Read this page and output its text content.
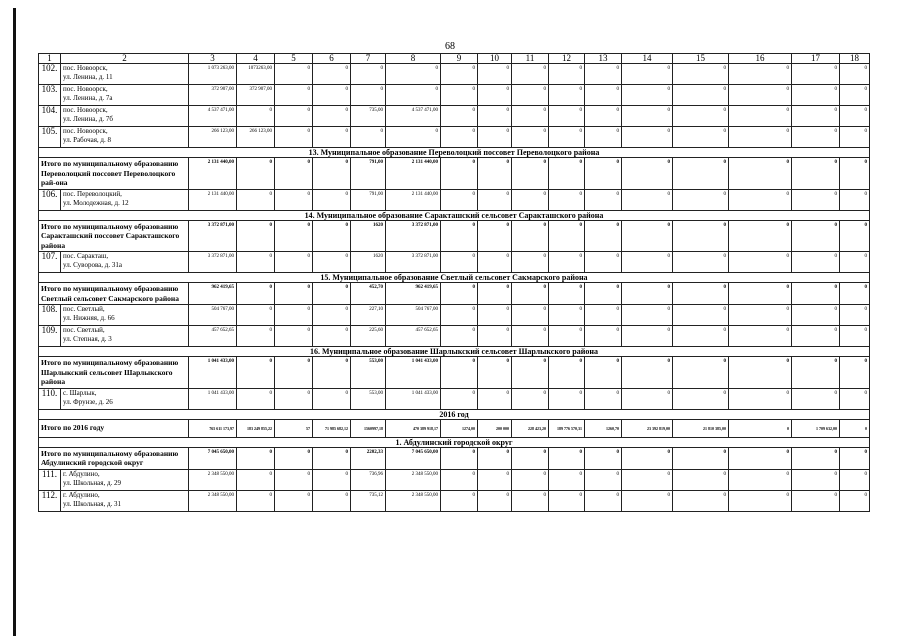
68
1	2	3	4	5	6	7	8	9	10	11	12	13	14	15	16	17	18
102.	пос. Новоорск,
ул. Ленина, д. 11	1 073 263,00	1073263,00	0	0	0	0	0	0	0	0	0	0	0	0	0	0
103.	пос. Новоорск,
ул. Ленина, д. 7а	372 907,00	372 907,00	0	0	0	0	0	0	0	0	0	0	0	0	0	0
104.	пос. Новоорск,
ул. Ленина, д. 7б	4 537 471,00	0	0	0	735,00	4 537 471,00	0	0	0	0	0	0	0	0	0	0
105.	пос. Новоорск,
ул. Рабочая, д. 8	266 123,00	266 123,00	0	0	0	0	0	0	0	0	0	0	0	0	0	0
13. Муниципальное образование Переволоцкий поссовет Переволоцкого района																	
Итого по муниципальному образованию Переволоцкий поссовет Переволоцкого рай-она		2 131 440,00	0	0	0	791,00	2 131 440,00	0	0	0	0	0	0	0	0	0	0
106.	пос. Переволоцкий,
ул. Молодежная, д. 12	2 131 440,00	0	0	0	791,00	2 131 440,00	0	0	0	0	0	0	0	0	0	0
14. Муниципальное образование Саракташский сельсовет Саракташского района																	
Итого по муниципальному образованию Саракташский поссовет Саракташского района		3 372 871,00	0	0	0	1620	3 372 871,00	0	0	0	0	0	0	0	0	0	0
107.	пос. Саракташ,
ул. Суворова, д. 31а	3 372 871,00	0	0	0	1620	3 372 871,00	0	0	0	0	0	0	0	0	0	0
15. Муниципальное образование Светлый сельсовет Сакмарского района																	
Итого по муниципальному образованию Светлый сельсовет Сакмарского района		962 419,65	0	0	0	452,70	962 419,65	0	0	0	0	0	0	0	0	0	0
108.	пос. Светлый,
ул. Нижняя, д. 66	504 767,00	0	0	0	227,10	504 767,00	0	0	0	0	0	0	0	0	0	0
109.	пос. Светлый,
ул. Степная, д. 3	457 652,65	0	0	0	225,60	457 652,65	0	0	0	0	0	0	0	0	0	0
16. Муниципальное образование Шарлыкский сельсовет Шарлыкского района																	
Итого по муниципальному образованию Шарлыкский сельсовет Шарлыкского района		1 041 433,00	0	0	0	553,00	1 041 433,00	0	0	0	0	0	0	0	0	0	0
110.	с. Шарлык,
ул. Фрунзе, д. 26	1 041 433,00	0	0	0	553,00	1 041 433,00	0	0	0	0	0	0	0	0	0	0
2016 год																	
Итого по 2016 году		765 611 173,97	183 249 855,22	57	71 985 682,12	1560997,18	470 389 918,17	1274,00	200 000	228 423,20	189 776 570,31	1260,70	23 392 819,00	21 810 385,00	0	1 709 632,00	0
1. Абдулинский городской округ																	
Итого по муниципальному образованию Абдулинский городской округ		7 045 650,00	0	0	0	2202,33	7 045 650,00	0	0	0	0	0	0	0	0	0	0
111.	г. Абдулино,
ул. Школьная, д. 29	2 348 550,00	0	0	0	736,96	2 348 550,00	0	0	0	0	0	0	0	0	0	0
112.	г. Абдулино,
ул. Школьная, д. 31	2 348 550,00	0	0	0	735,12	2 348 550,00	0	0	0	0	0	0	0	0	0	0
